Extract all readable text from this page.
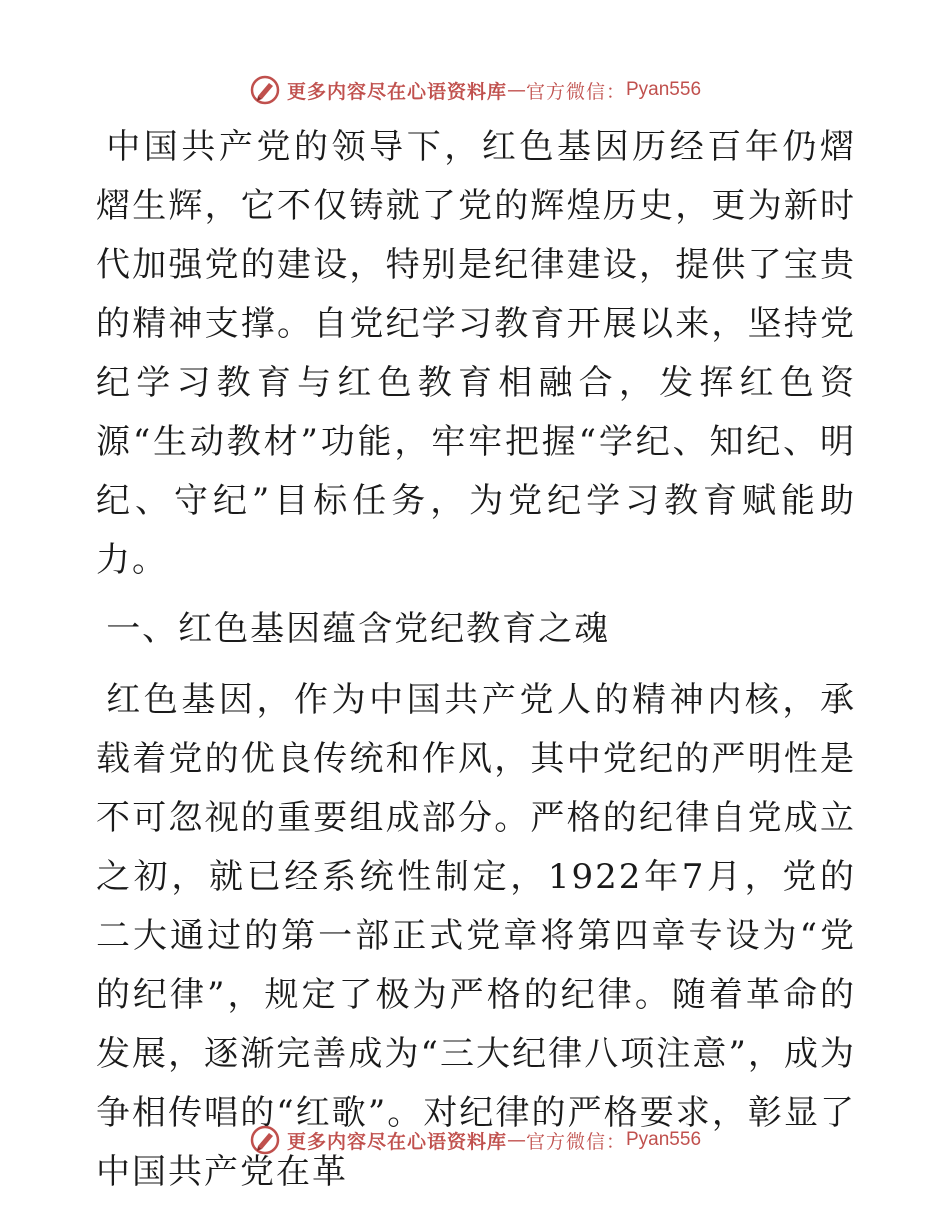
更多内容尽在心语资料库 — 官方微信： Pyan556

中国共产党的领导下，红色基因历经百年仍熠熠生辉，它不仅铸就了党的辉煌历史，更为新时代加强党的建设，特别是纪律建设，提供了宝贵的精神支撑。自党纪学习教育开展以来，坚持党纪学习教育与红色教育相融合，发挥红色资源“生动教材”功能，牢牢把握“学纪、知纪、明纪、守纪”目标任务，为党纪学习教育赋能助力。

一、红色基因蕴含党纪教育之魂

红色基因，作为中国共产党人的精神内核，承载着党的优良传统和作风，其中党纪的严明性是不可忽视的重要组成部分。严格的纪律自党成立之初，就已经系统性制定，1922年7月，党的二大通过的第一部正式党章将第四章专设为“党的纪律”，规定了极为严格的纪律。随着革命的发展，逐渐完善成为“三大纪律八项注意”，成为争相传唱的“红歌”。对纪律的严格要求，彰显了中国共产党在革

更多内容尽在心语资料库 — 官方微信： Pyan556
